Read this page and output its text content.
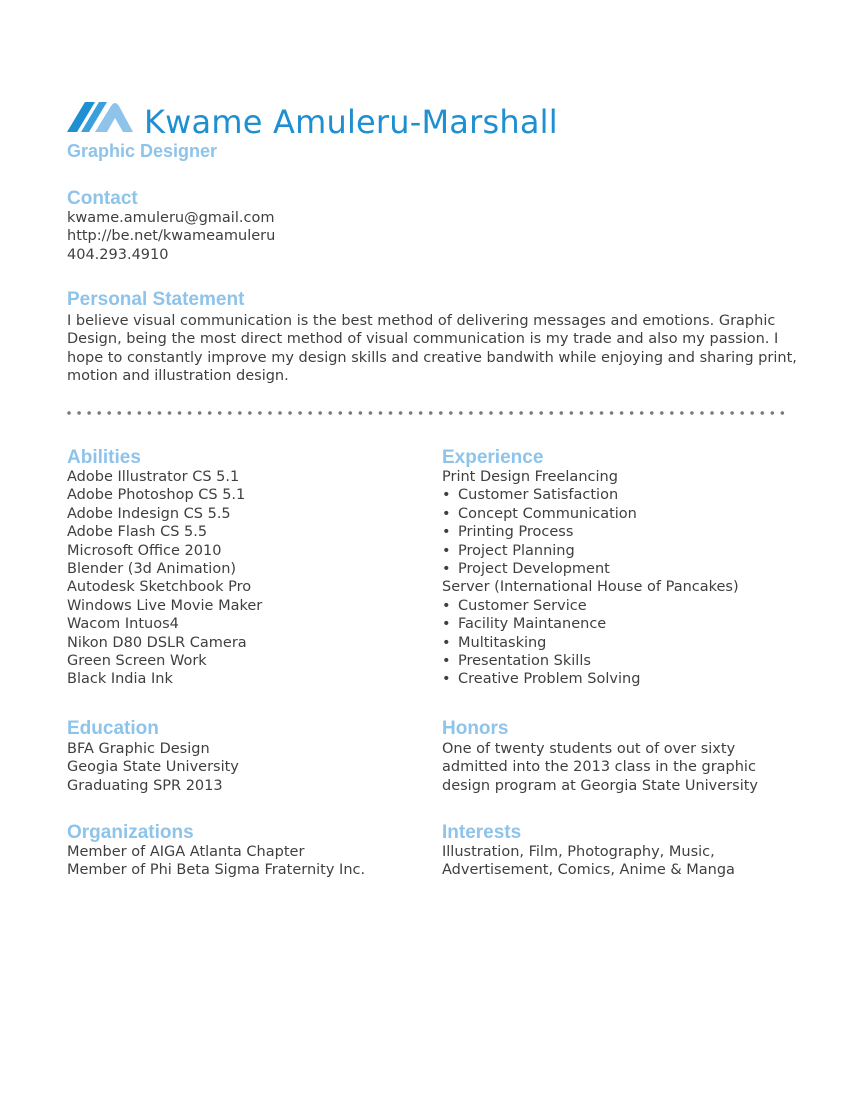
Kwame Amuleru-Marshall
Graphic Designer
Contact
kwame.amuleru@gmail.com
http://be.net/kwameamuleru
404.293.4910
Personal Statement
I believe visual communication is the best method of delivering messages and emotions. Graphic Design, being the most direct method of visual communication is my trade and also my passion. I hope to constantly improve my design skills and creative bandwith while enjoying and sharing print, motion and illustration design.
Abilities
Adobe Illustrator CS 5.1
Adobe Photoshop CS 5.1
Adobe Indesign CS 5.5
Adobe Flash CS 5.5
Microsoft Office 2010
Blender (3d Animation)
Autodesk Sketchbook Pro
Windows Live Movie Maker
Wacom Intuos4
Nikon D80 DSLR Camera
Green Screen Work
Black India Ink
Experience
Print Design Freelancing
• Customer Satisfaction
• Concept Communication
• Printing Process
• Project Planning
• Project Development
Server (International House of Pancakes)
• Customer Service
• Facility Maintanence
• Multitasking
• Presentation Skills
• Creative Problem Solving
Education
BFA Graphic Design
Geogia State University
Graduating SPR 2013
Honors
One of twenty students out of over sixty
admitted into the 2013 class in the graphic
design program at Georgia State University
Organizations
Member of AIGA Atlanta Chapter
Member of Phi Beta Sigma Fraternity Inc.
Interests
Illustration, Film, Photography, Music,
Advertisement, Comics, Anime & Manga
